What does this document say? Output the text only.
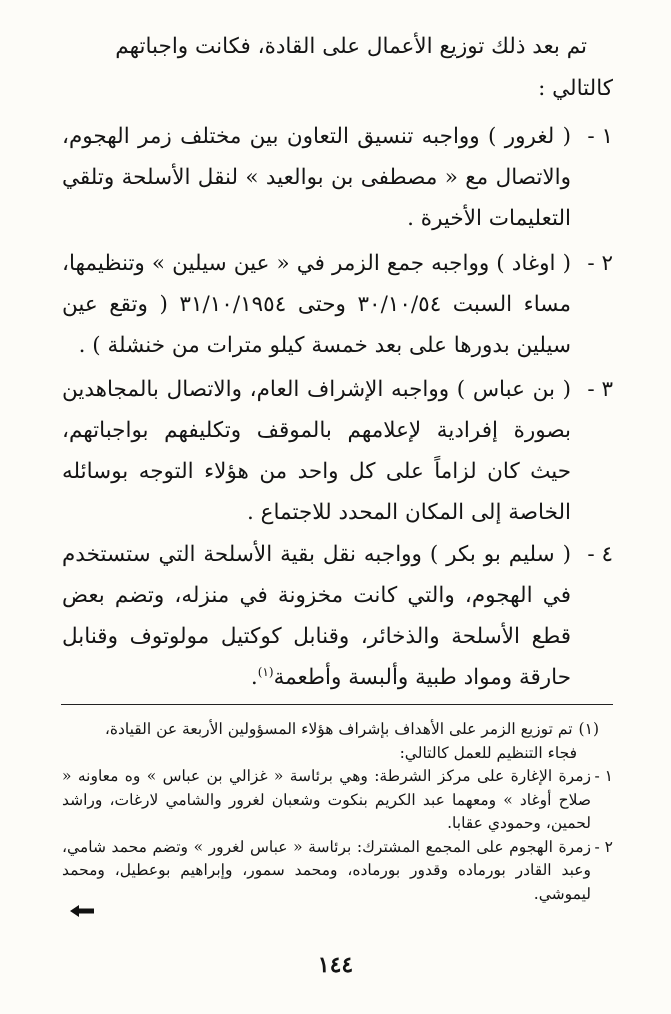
تم بعد ذلك توزيع الأعمال على القادة، فكانت واجباتهم
كالتالي :
١ -
( لغرور ) وواجبه تنسيق التعاون بين مختلف زمر الهجوم، والاتصال مع « مصطفى بن بوالعيد » لنقل الأسلحة وتلقي التعليمات الأخيرة .
٢ -
( اوغاد ) وواجبه جمع الزمر في « عين سيلين » وتنظيمها، مساء السبت ٣٠/١٠/٥٤ وحتى ٣١/١٠/١٩٥٤ ( وتقع عين سيلين بدورها على بعد خمسة كيلو مترات من خنشلة ) .
٣ -
( بن عباس ) وواجبه الإشراف العام، والاتصال بالمجاهدين بصورة إفرادية لإعلامهم بالموقف وتكليفهم بواجباتهم، حيث كان لزاماً على كل واحد من هؤلاء التوجه بوسائله الخاصة إلى المكان المحدد للاجتماع .
٤ -
( سليم بو بكر ) وواجبه نقل بقية الأسلحة التي ستستخدم في الهجوم، والتي كانت مخزونة في منزله، وتضم بعض قطع الأسلحة والذخائر، وقنابل كوكتيل مولوتوف وقنابل حارقة ومواد طبية وألبسة وأطعمة$^{(١)}$.

(١)تم توزيع الزمر على الأهداف بإشراف هؤلاء المسؤولين الأربعة عن القيادة،

فجاء التنظيم للعمل كالتالي:

١ -
زمرة الإغارة على مركز الشرطة: وهي برئاسة « غزالي بن عباس » وه معاونه « صلاح أوغاد » ومعهما عبد الكريم بنكوت وشعبان لغرور والشامي لارغات، وراشد لحمين، وحمودي عقابا.
٢ -
زمرة الهجوم على المجمع المشترك: برئاسة « عباس لغرور » وتضم محمد شامي، وعبد القادر بورماده وقدور بورماده، ومحمد سمور، وإبراهيم بوعطيل، ومحمد ليموشي.
١٤٤
